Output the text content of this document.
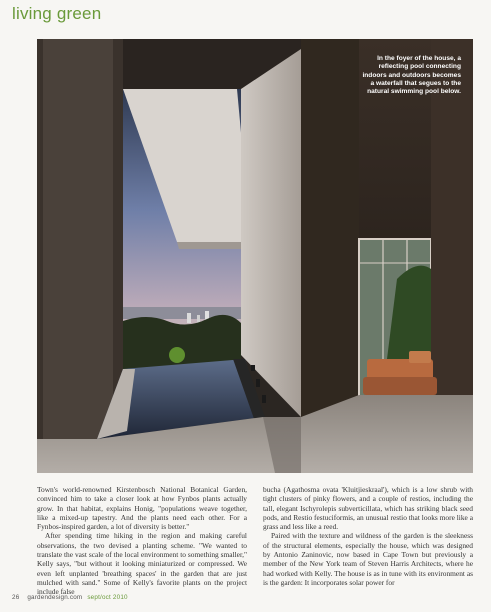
living green
In the foyer of the house, a reflecting pool connecting indoors and outdoors becomes a waterfall that segues to the natural swimming pool below.

Town's world-renowned Kirstenbosch National Botanical Garden, convinced him to take a closer look at how Fynbos plants actually grow. In that habitat, explains Honig, "populations weave together, like a mixed-up tapestry. And the plants need each other. For a Fynbos-inspired garden, a lot of diversity is better."

After spending time hiking in the region and making careful observations, the two devised a planting scheme. "We wanted to translate the vast scale of the local environment to something smaller," Kelly says, "but without it looking miniaturized or compressed. We even left unplanted 'breathing spaces' in the garden that are just mulched with sand." Some of Kelly's favorite plants on the project include false

bucha (Agathosma ovata 'Kluitjieskraal'), which is a low shrub with tight clusters of pinky flowers, and a couple of restios, including the tall, elegant Ischyrolepis subverticillata, which has striking black seed pods, and Restio festuciformis, an unusual restio that looks more like a grass and less like a reed.

Paired with the texture and wildness of the garden is the sleekness of the structural elements, especially the house, which was designed by Antonio Zaninovic, now based in Cape Town but previously a member of the New York team of Steven Harris Architects, where he had worked with Kelly. The house is as in tune with its environment as is the garden: It incorporates solar power for

26 gardendesign.com sept/oct 2010
